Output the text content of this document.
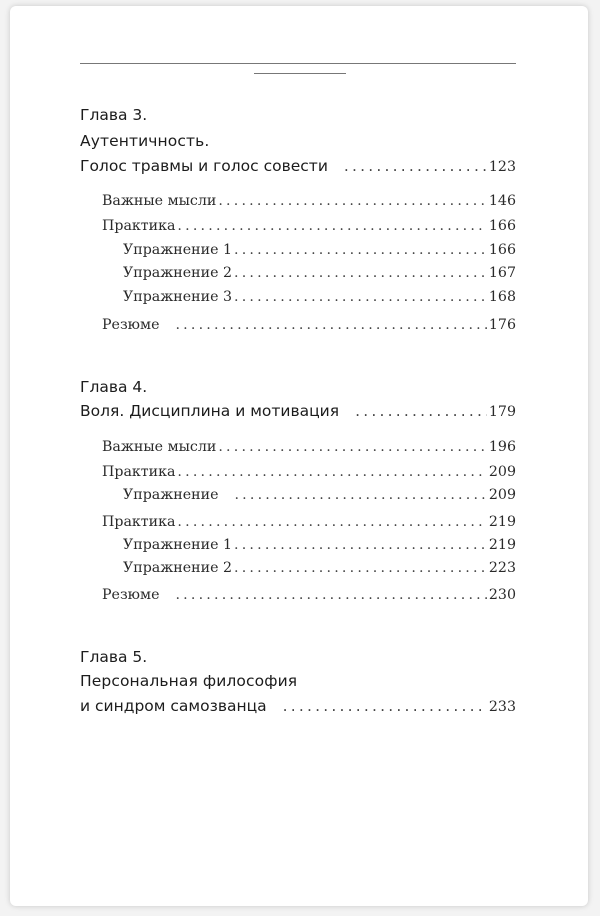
Глава 3.
Аутентичность.
Голос травмы и голос совести .....	123
Важные мысли .....	146
Практика .....	166
Упражнение 1 .....	166
Упражнение 2 .....	167
Упражнение 3 .....	168
Резюме .....	176
Глава 4.
Воля. Дисциплина и мотивация .....	179
Важные мысли .....	196
Практика .....	209
Упражнение .....	209
Практика .....	219
Упражнение 1 .....	219
Упражнение 2 .....	223
Резюме .....	230
Глава 5.
Персональная философия
и синдром самозванца .....	233
